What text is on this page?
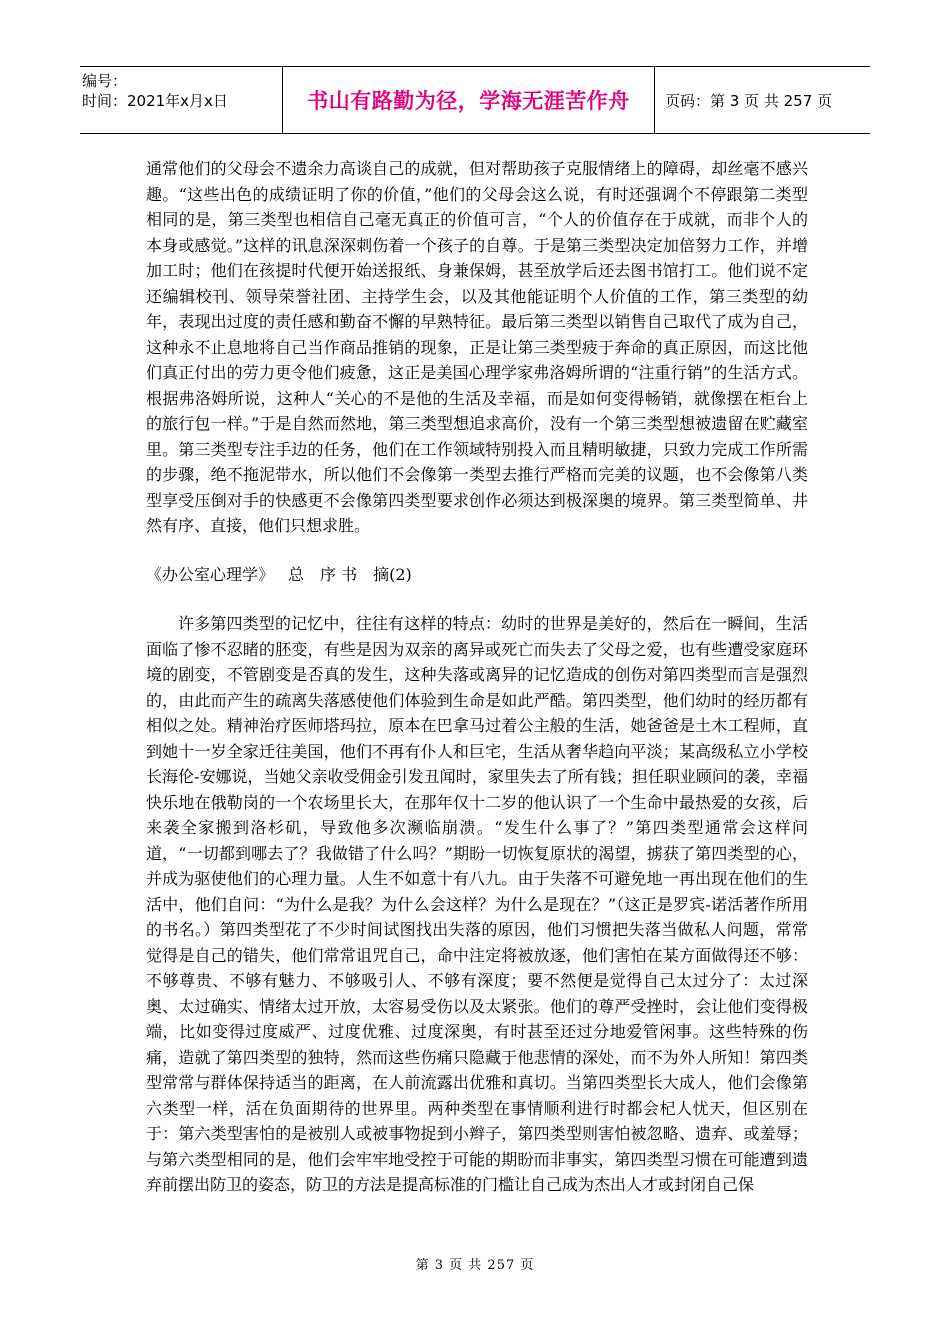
编号：
时间：2021年x月x日	书山有路勤为径，学海无涯苦作舟	页码：第 3 页 共 257 页

通常他们的父母会不遗余力高谈自己的成就，但对帮助孩子克服情绪上的障碍，却丝毫不感兴趣。“这些出色的成绩证明了你的价值，”他们的父母会这么说，有时还强调个不停跟第二类型相同的是，第三类型也相信自己毫无真正的价值可言，“个人的价值存在于成就，而非个人的本身或感觉。”这样的讯息深深刺伤着一个孩子的自尊。于是第三类型决定加倍努力工作，并增加工时；他们在孩提时代便开始送报纸、身兼保姆，甚至放学后还去图书馆打工。他们说不定还编辑校刊、领导荣誉社团、主持学生会，以及其他能证明个人价值的工作，第三类型的幼年，表现出过度的责任感和勤奋不懈的早熟特征。最后第三类型以销售自己取代了成为自己，这种永不止息地将自己当作商品推销的现象，正是让第三类型疲于奔命的真正原因，而这比他们真正付出的劳力更令他们疲惫，这正是美国心理学家弗洛姆所谓的“注重行销”的生活方式。根据弗洛姆所说，这种人“关心的不是他的生活及幸福，而是如何变得畅销，就像摆在柜台上的旅行包一样。”于是自然而然地，第三类型想追求高价，没有一个第三类型想被遗留在贮藏室里。第三类型专注手边的任务，他们在工作领域特别投入而且精明敏捷，只致力完成工作所需的步骤，绝不拖泥带水，所以他们不会像第一类型去推行严格而完美的议题，也不会像第八类型享受压倒对手的快感更不会像第四类型要求创作必须达到极深奥的境界。第三类型简单、井然有序、直接，他们只想求胜。

《办公室心理学》 总　序 书　摘(2)

许多第四类型的记忆中，往往有这样的特点：幼时的世界是美好的，然后在一瞬间，生活面临了惨不忍睹的胚变，有些是因为双亲的离异或死亡而失去了父母之爱，也有些遭受家庭环境的剧变，不管剧变是否真的发生，这种失落或离异的记忆造成的创伤对第四类型而言是强烈的，由此而产生的疏离失落感使他们体验到生命是如此严酷。第四类型，他们幼时的经历都有相似之处。精神治疗医师塔玛拉，原本在巴拿马过着公主般的生活，她爸爸是土木工程师，直到她十一岁全家迁往美国，他们不再有仆人和巨宅，生活从奢华趋向平淡；某高级私立小学校长海伦-安娜说，当她父亲收受佣金引发丑闻时，家里失去了所有钱；担任职业顾问的袭，幸福快乐地在俄勒岗的一个农场里长大，在那年仅十二岁的他认识了一个生命中最热爱的女孩，后来袭全家搬到洛杉矶，导致他多次濒临崩溃。“发生什么事了？”第四类型通常会这样问道，“一切都到哪去了？我做错了什么吗？”期盼一切恢复原状的渴望，掳获了第四类型的心，并成为驱使他们的心理力量。人生不如意十有八九。由于失落不可避免地一再出现在他们的生活中，他们自问：“为什么是我？为什么会这样？为什么是现在？”（这正是罗宾-诺活著作所用的书名。）第四类型花了不少时间试图找出失落的原因，他们习惯把失落当做私人问题，常常觉得是自己的错失，他们常常诅咒自己，命中注定将被放逐，他们害怕在某方面做得还不够：不够尊贵、不够有魅力、不够吸引人、不够有深度；要不然便是觉得自己太过分了：太过深奥、太过确实、情绪太过开放，太容易受伤以及太紧张。他们的尊严受挫时，会让他们变得极端，比如变得过度威严、过度优雅、过度深奥，有时甚至还过分地爱管闲事。这些特殊的伤痛，造就了第四类型的独特，然而这些伤痛只隐藏于他悲情的深处，而不为外人所知！第四类型常常与群体保持适当的距离，在人前流露出优雅和真切。当第四类型长大成人，他们会像第六类型一样，活在负面期待的世界里。两种类型在事情顺利进行时都会杞人忧天，但区别在于：第六类型害怕的是被别人或被事物捉到小辫子，第四类型则害怕被忽略、遗弃、或羞辱；与第六类型相同的是，他们会牢牢地受控于可能的期盼而非事实，第四类型习惯在可能遭到遗弃前摆出防卫的姿态，防卫的方法是提高标准的门槛让自己成为杰出人才或封闭自己保

第 3 页 共 257 页
